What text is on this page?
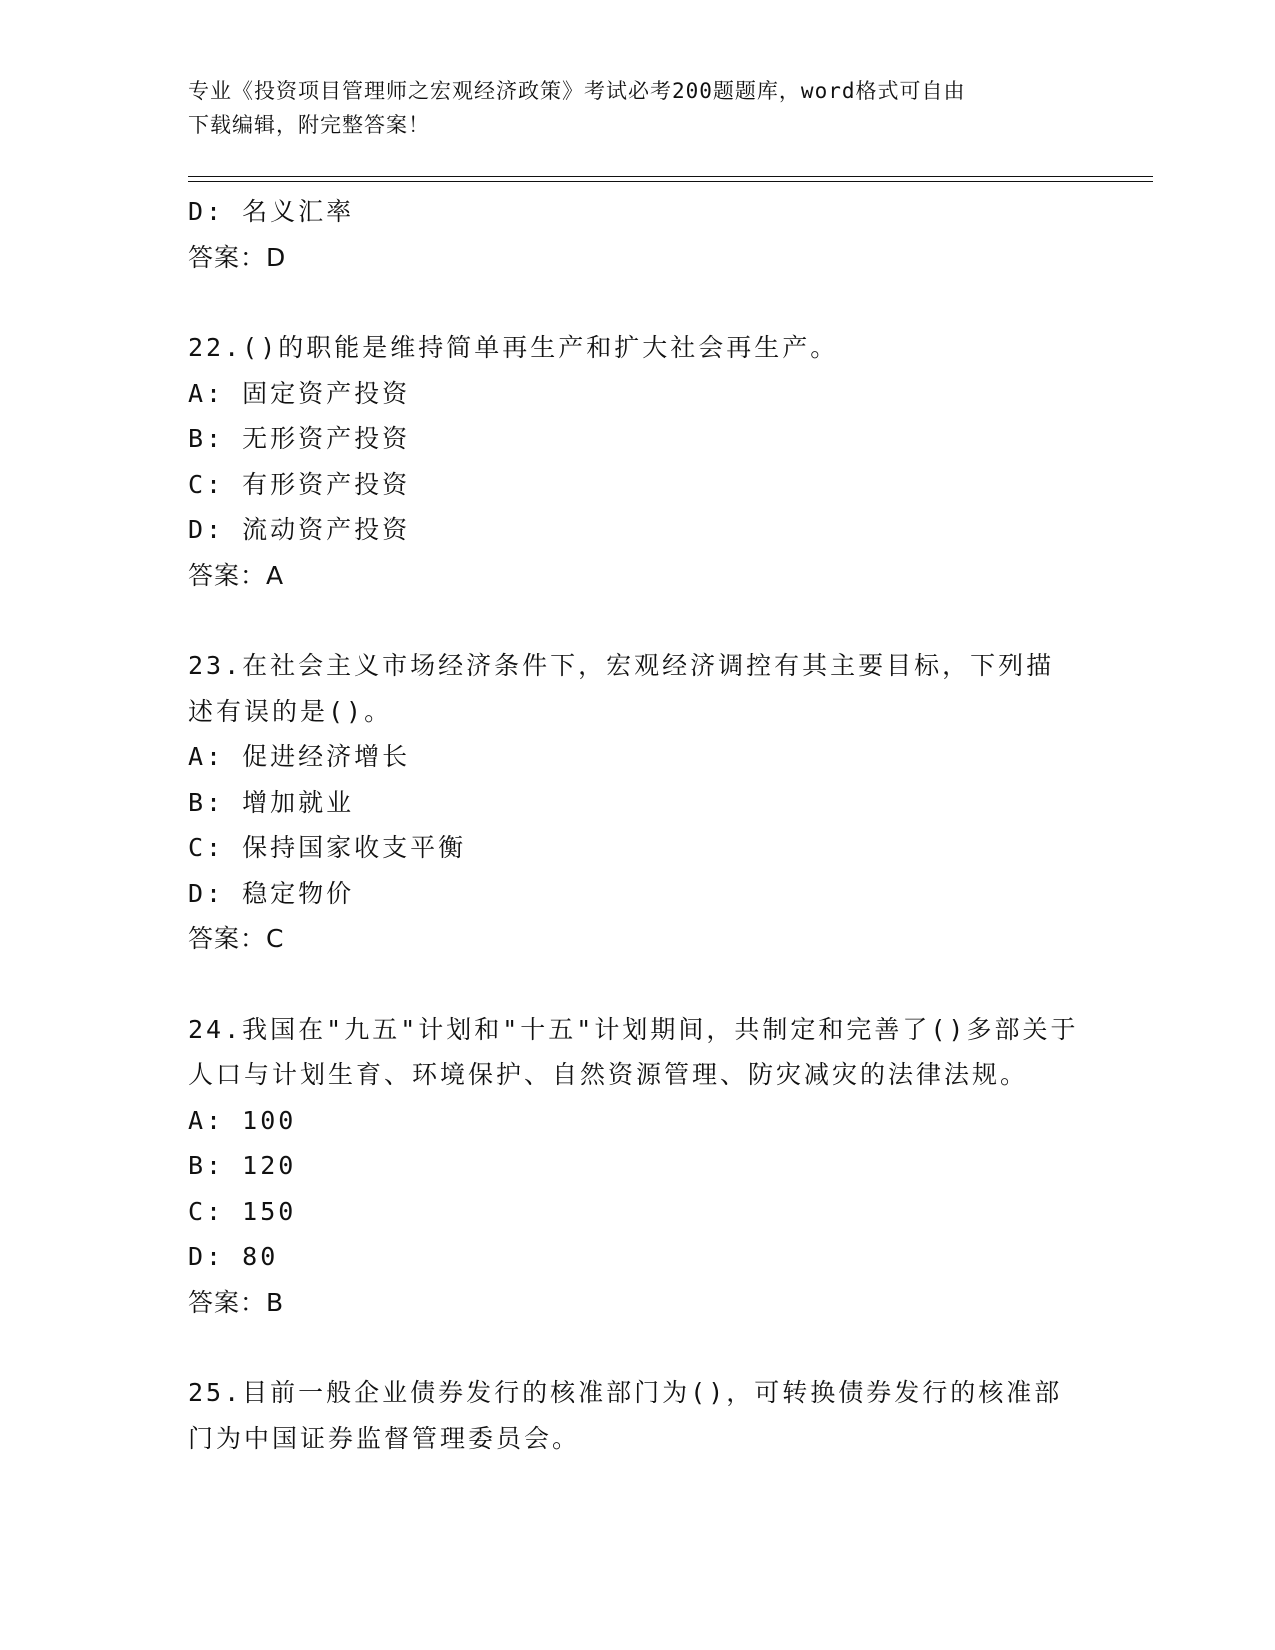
专业《投资项目管理师之宏观经济政策》考试必考200题题库，word格式可自由
下载编辑，附完整答案！
D: 名义汇率
答案：D
22.()的职能是维持简单再生产和扩大社会再生产。
A: 固定资产投资
B: 无形资产投资
C: 有形资产投资
D: 流动资产投资
答案：A
23.在社会主义市场经济条件下，宏观经济调控有其主要目标，下列描
述有误的是()。
A: 促进经济增长
B: 增加就业
C: 保持国家收支平衡
D: 稳定物价
答案：C
24.我国在"九五"计划和"十五"计划期间，共制定和完善了()多部关于
人口与计划生育、环境保护、自然资源管理、防灾减灾的法律法规。
A: 100
B: 120
C: 150
D: 80
答案：B
25.目前一般企业债券发行的核准部门为()，可转换债券发行的核准部
门为中国证券监督管理委员会。
